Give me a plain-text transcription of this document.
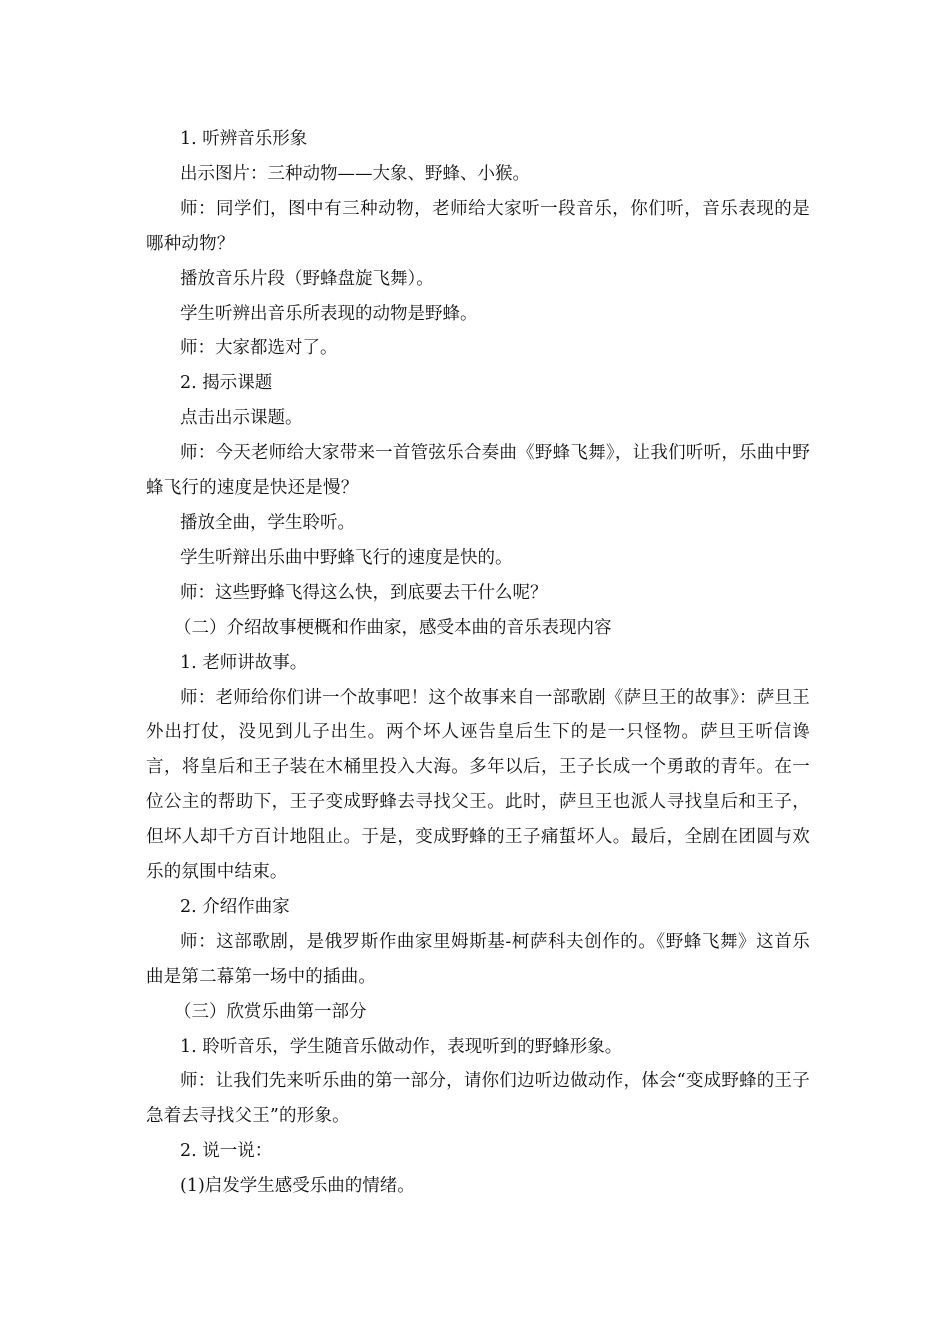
1. 听辨音乐形象

出示图片：三种动物——大象、野蜂、小猴。

师：同学们，图中有三种动物，老师给大家听一段音乐，你们听，音乐表现的是哪种动物？

播放音乐片段（野蜂盘旋飞舞）。

学生听辨出音乐所表现的动物是野蜂。

师：大家都选对了。

2. 揭示课题

点击出示课题。

师：今天老师给大家带来一首管弦乐合奏曲《野蜂飞舞》，让我们听听，乐曲中野蜂飞行的速度是快还是慢？

播放全曲，学生聆听。

学生听辩出乐曲中野蜂飞行的速度是快的。

师：这些野蜂飞得这么快，到底要去干什么呢？

（二）介绍故事梗概和作曲家，感受本曲的音乐表现内容

1. 老师讲故事。

师：老师给你们讲一个故事吧！这个故事来自一部歌剧《萨旦王的故事》：萨旦王外出打仗，没见到儿子出生。两个坏人诬告皇后生下的是一只怪物。萨旦王听信谗言，将皇后和王子装在木桶里投入大海。多年以后，王子长成一个勇敢的青年。在一位公主的帮助下，王子变成野蜂去寻找父王。此时，萨旦王也派人寻找皇后和王子，但坏人却千方百计地阻止。于是，变成野蜂的王子痛蜇坏人。最后，全剧在团圆与欢乐的氛围中结束。

2. 介绍作曲家

师：这部歌剧，是俄罗斯作曲家里姆斯基-柯萨科夫创作的。《野蜂飞舞》这首乐曲是第二幕第一场中的插曲。

（三）欣赏乐曲第一部分

1. 聆听音乐，学生随音乐做动作，表现听到的野蜂形象。

师：让我们先来听乐曲的第一部分，请你们边听边做动作，体会“变成野蜂的王子急着去寻找父王”的形象。

2. 说一说：

(1)启发学生感受乐曲的情绪。
